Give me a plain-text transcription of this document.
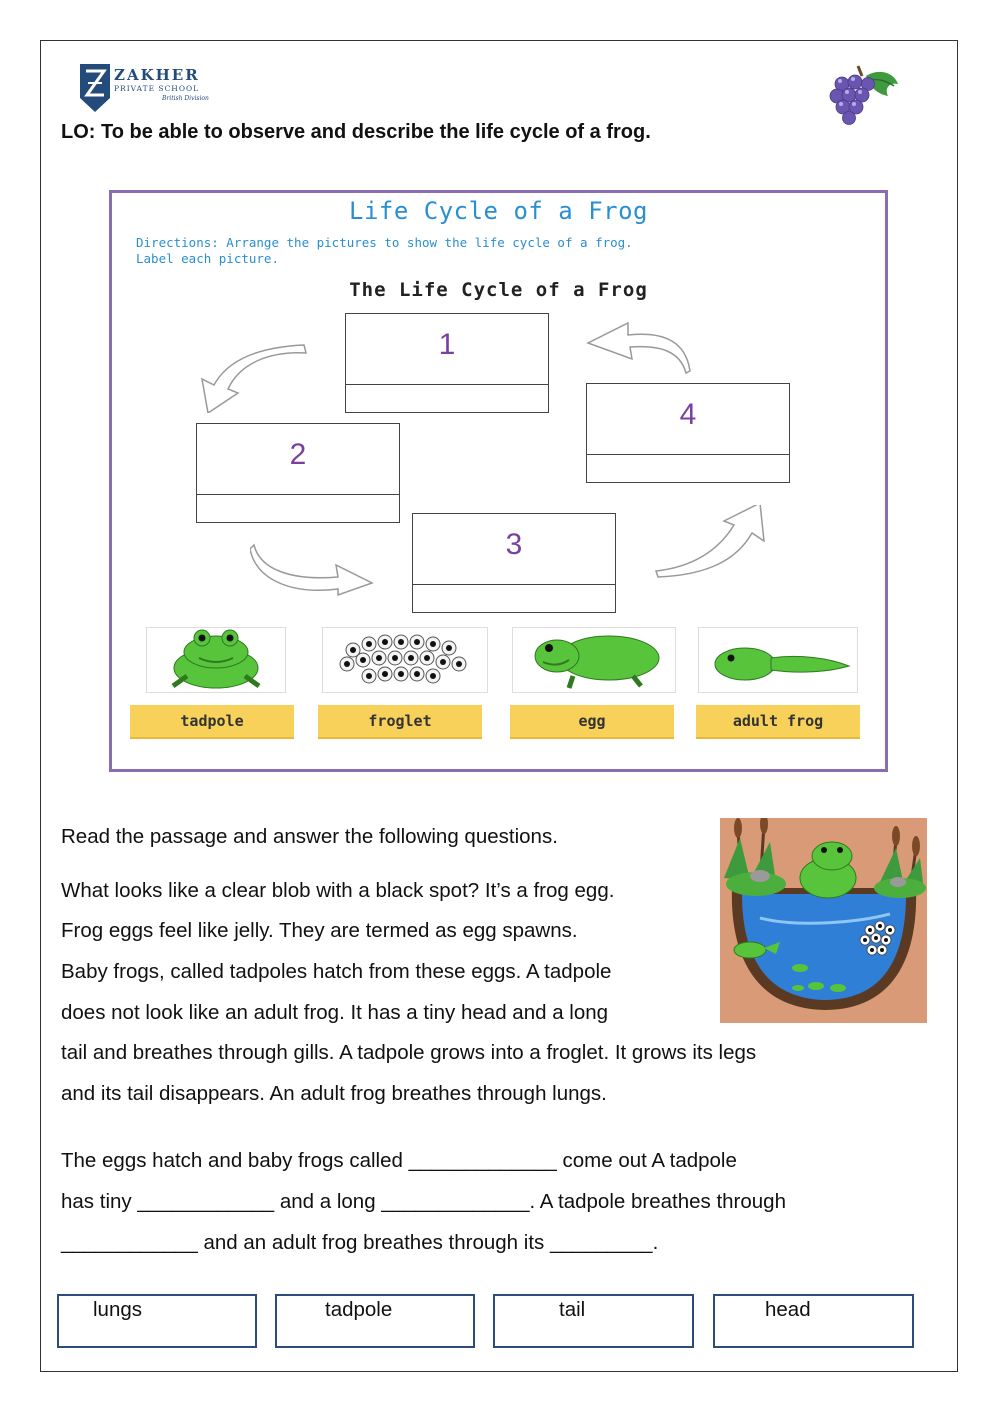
ZAKHER
PRIVATE SCHOOL
British Division
LO: To be able to observe and describe the life cycle of a frog.
Life Cycle of a Frog
Directions: Arrange the pictures to show the life cycle of a frog.
Label each picture.
The Life Cycle of a Frog
1
2
3
4
tadpole	froglet	egg	adult frog
Read the passage and answer the following questions.
What looks like a clear blob with a black spot? It’s a frog egg.
Frog eggs feel like jelly. They are termed as egg spawns.
Baby frogs, called tadpoles hatch from these eggs. A tadpole
does not look like an adult frog. It has a tiny head and a long
tail and breathes through gills. A tadpole grows into a froglet. It grows its legs
and its tail disappears. An adult frog breathes through lungs.
The eggs hatch and baby frogs called _____________ come out A tadpole
has tiny ____________ and a long _____________. A tadpole breathes through
____________ and an adult frog breathes through its _________.
lungs	tadpole	tail	head
